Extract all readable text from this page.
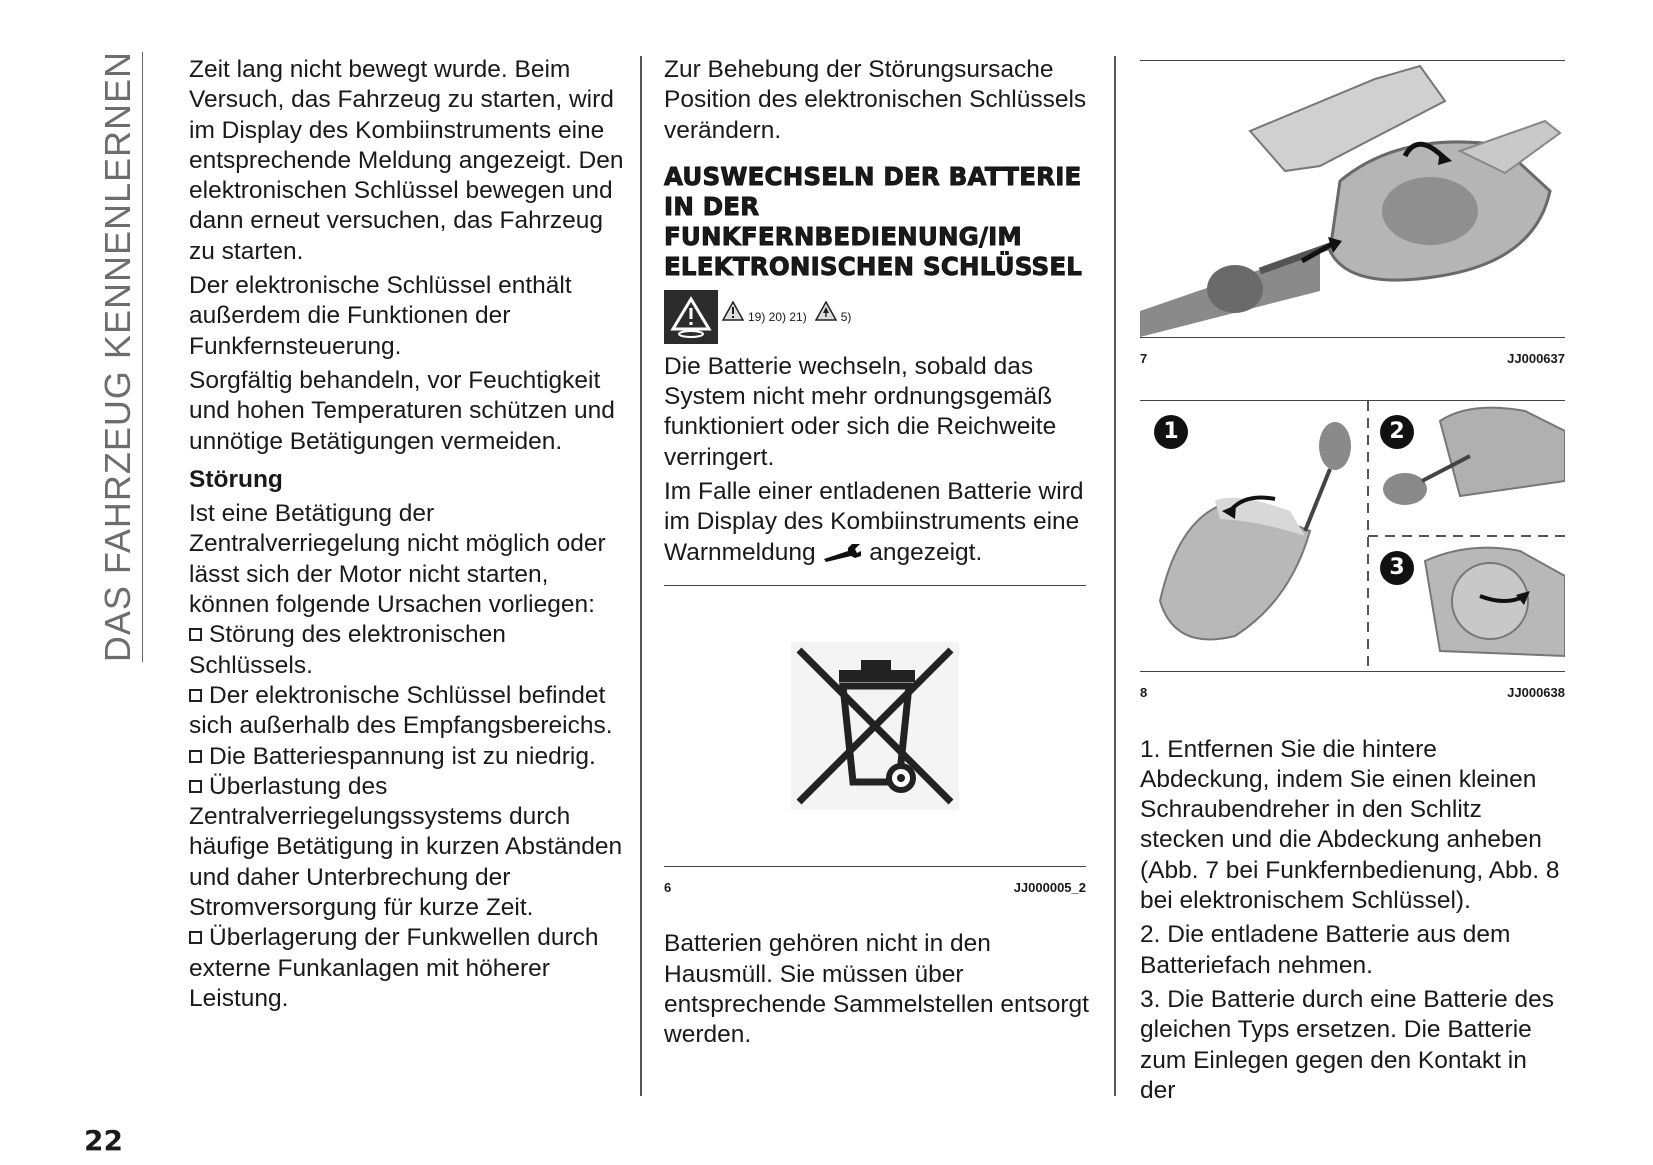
DAS FAHRZEUG KENNENLERNEN Zeit lang nicht bewegt wurde. Beim Versuch, das Fahrzeug zu starten, wird im Display des Kombiinstruments eine entsprechende Meldung angezeigt. Den elektronischen Schlüssel bewegen und dann erneut versuchen, das Fahrzeug zu starten.

Der elektronische Schlüssel enthält außerdem die Funktionen der Funkfernsteuerung.

Sorgfältig behandeln, vor Feuchtigkeit und hohen Temperaturen schützen und unnötige Betätigungen vermeiden.

Störung

Ist eine Betätigung der Zentralverriegelung nicht möglich oder lässt sich der Motor nicht starten, können folgende Ursachen vorliegen:

Störung des elektronischen Schlüssels.
Der elektronische Schlüssel befindet sich außerhalb des Empfangsbereichs.
Die Batteriespannung ist zu niedrig.
Überlastung des Zentralverriegelungssystems durch häufige Betätigung in kurzen Abständen und daher Unterbrechung der Stromversorgung für kurze Zeit.
Überlagerung der Funkwellen durch externe Funkanlagen mit höherer Leistung.

Zur Behebung der Störungsursache Position des elektronischen Schlüssels verändern.

AUSWECHSELN DER BATTERIE IN DER FUNKFERNBEDIENUNG/IM ELEKTRONISCHEN SCHLÜSSEL
19) 20) 21)	5)

Die Batterie wechseln, sobald das System nicht mehr ordnungsgemäß funktioniert oder sich die Reichweite verringert.

Im Falle einer entladenen Batterie wird im Display des Kombiinstruments eine Warnmeldung angezeigt.

6	JJ000005_2

Batterien gehören nicht in den Hausmüll. Sie müssen über entsprechende Sammelstellen entsorgt werden.

7	JJ000637
1	2
3
8	JJ000638

1. Entfernen Sie die hintere Abdeckung, indem Sie einen kleinen Schraubendreher in den Schlitz stecken und die Abdeckung anheben (Abb. 7 bei Funkfernbedienung, Abb. 8 bei elektronischem Schlüssel).

2. Die entladene Batterie aus dem Batteriefach nehmen.

3. Die Batterie durch eine Batterie des gleichen Typs ersetzen. Die Batterie zum Einlegen gegen den Kontakt in der

22
